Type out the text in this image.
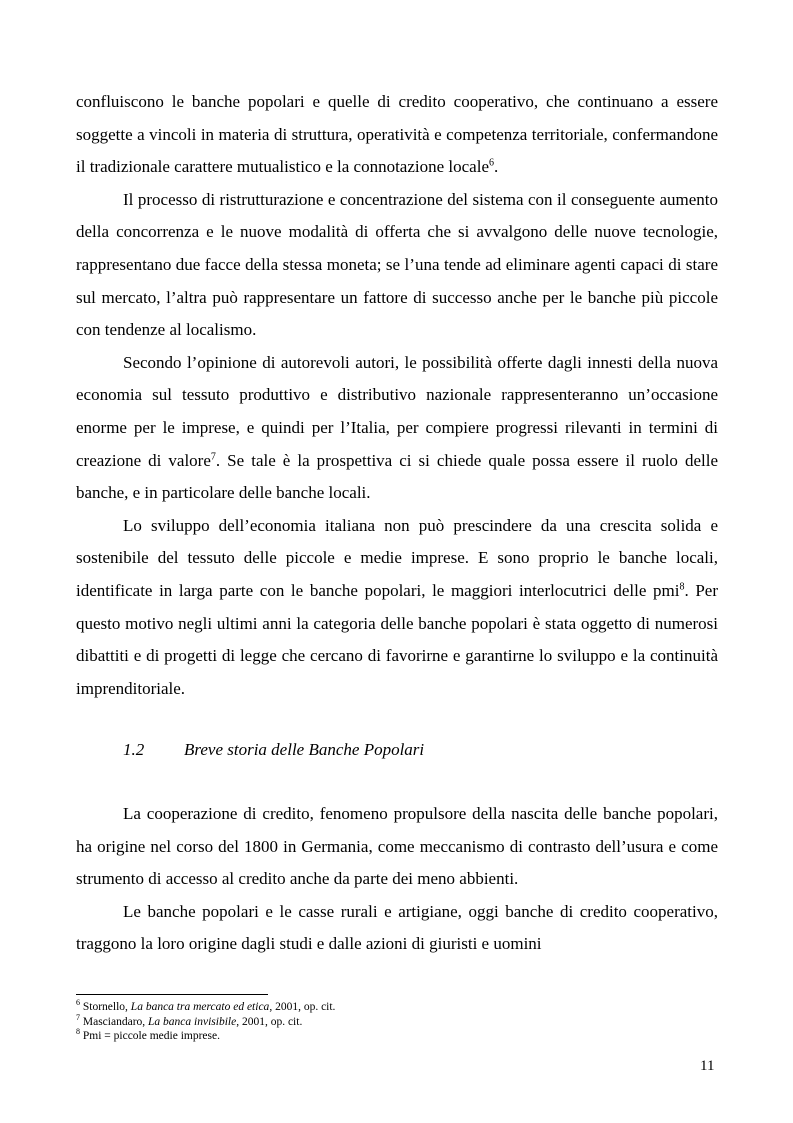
confluiscono le banche popolari e quelle di credito cooperativo, che continuano a essere soggette a vincoli in materia di struttura, operatività e competenza territoriale, confermandone il tradizionale carattere mutualistico e la connotazione locale$^6$.

Il processo di ristrutturazione e concentrazione del sistema con il conseguente aumento della concorrenza e le nuove modalità di offerta che si avvalgono delle nuove tecnologie, rappresentano due facce della stessa moneta; se l’una tende ad eliminare agenti capaci di stare sul mercato, l’altra può rappresentare un fattore di successo anche per le banche più piccole con tendenze al localismo.

Secondo l’opinione di autorevoli autori, le possibilità offerte dagli innesti della nuova economia sul tessuto produttivo e distributivo nazionale rappresenteranno un’occasione enorme per le imprese, e quindi per l’Italia, per compiere progressi rilevanti in termini di creazione di valore$^7$. Se tale è la prospettiva ci si chiede quale possa essere il ruolo delle banche, e in particolare delle banche locali.

Lo sviluppo dell’economia italiana non può prescindere da una crescita solida e sostenibile del tessuto delle piccole e medie imprese. E sono proprio le banche locali, identificate in larga parte con le banche popolari, le maggiori interlocutrici delle pmi$^8$. Per questo motivo negli ultimi anni la categoria delle banche popolari è stata oggetto di numerosi dibattiti e di progetti di legge che cercano di favorirne e garantirne lo sviluppo e la continuità imprenditoriale.

1.2 Breve storia delle Banche Popolari

La cooperazione di credito, fenomeno propulsore della nascita delle banche popolari, ha origine nel corso del 1800 in Germania, come meccanismo di contrasto dell’usura e come strumento di accesso al credito anche da parte dei meno abbienti.

Le banche popolari e le casse rurali e artigiane, oggi banche di credito cooperativo, traggono la loro origine dagli studi e dalle azioni di giuristi e uomini

$^6$ Stornello, La banca tra mercato ed etica, 2001, op. cit.
$^7$ Masciandaro, La banca invisibile, 2001, op. cit.
$^8$ Pmi = piccole medie imprese.
11
